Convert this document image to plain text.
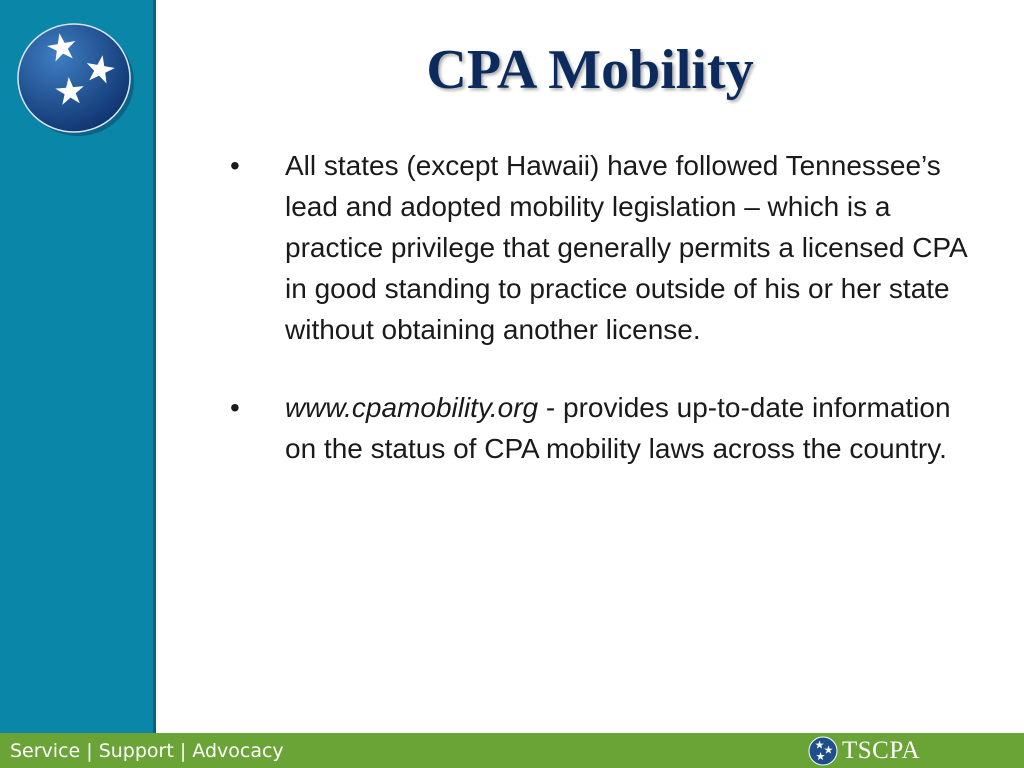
CPA Mobility
• All states (except Hawaii) have followed Tennessee’s lead and adopted mobility legislation – which is a practice privilege that generally permits a licensed CPA in good standing to practice outside of his or her state without obtaining another license.
• www.cpamobility.org - provides up-to-date information on the status of CPA mobility laws across the country.
Service | Support | Advocacy	TSCPA
